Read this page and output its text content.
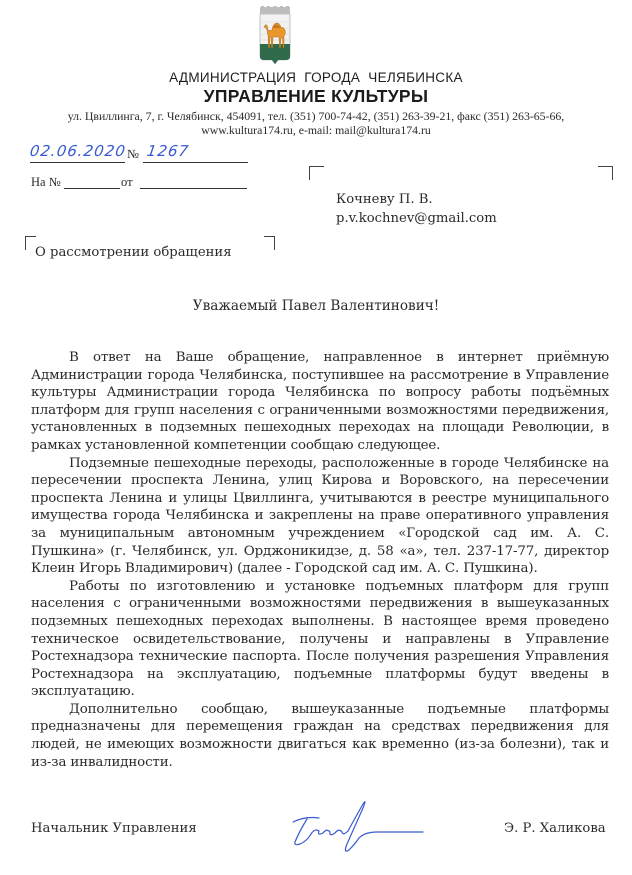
АДМИНИСТРАЦИЯ  ГОРОДА  ЧЕЛЯБИНСКА
УПРАВЛЕНИЕ КУЛЬТУРЫ
ул. Цвиллинга, 7, г. Челябинск, 454091, тел. (351) 700-74-42, (351) 263-39-21, факс (351) 263-65-66,
www.kultura174.ru, e-mail: mail@kultura174.ru
02.06.2020 № 1267
На №	от
Кочневу П. В.
p.v.kochnev@gmail.com
О рассмотрении обращения
Уважаемый Павел Валентинович!

В ответ на Ваше обращение, направленное в интернет приёмную Администрации города Челябинска, поступившее на рассмотрение в Управление культуры Администрации города Челябинска по вопросу работы подъёмных платформ для групп населения с ограниченными возможностями передвижения, установленных в подземных пешеходных переходах на площади Революции, в рамках установленной компетенции сообщаю следующее.

Подземные пешеходные переходы, расположенные в городе Челябинске на пересечении проспекта Ленина, улиц Кирова и Воровского, на пересечении проспекта Ленина и улицы Цвиллинга, учитываются в реестре муниципального имущества города Челябинска и закреплены на праве оперативного управления за муниципальным автономным учреждением «Городской сад им. А. С. Пушкина» (г. Челябинск, ул. Орджоникидзе, д. 58 «а», тел. 237-17-77, директор Клеин Игорь Владимирович) (далее - Городской сад им. А. С. Пушкина).

Работы по изготовлению и установке подъемных платформ для групп населения с ограниченными возможностями передвижения в вышеуказанных подземных пешеходных переходах выполнены. В настоящее время проведено техническое освидетельствование, получены и направлены в Управление Ростехнадзора технические паспорта. После получения разрешения Управления Ростехнадзора на эксплуатацию, подъемные платформы будут введены в эксплуатацию.

Дополнительно сообщаю, вышеуказанные подъемные платформы предназначены для перемещения граждан на средствах передвижения для людей, не имеющих возможности двигаться как временно (из-за болезни), так и из-за инвалидности.

Начальник Управления	Э. Р. Халикова
